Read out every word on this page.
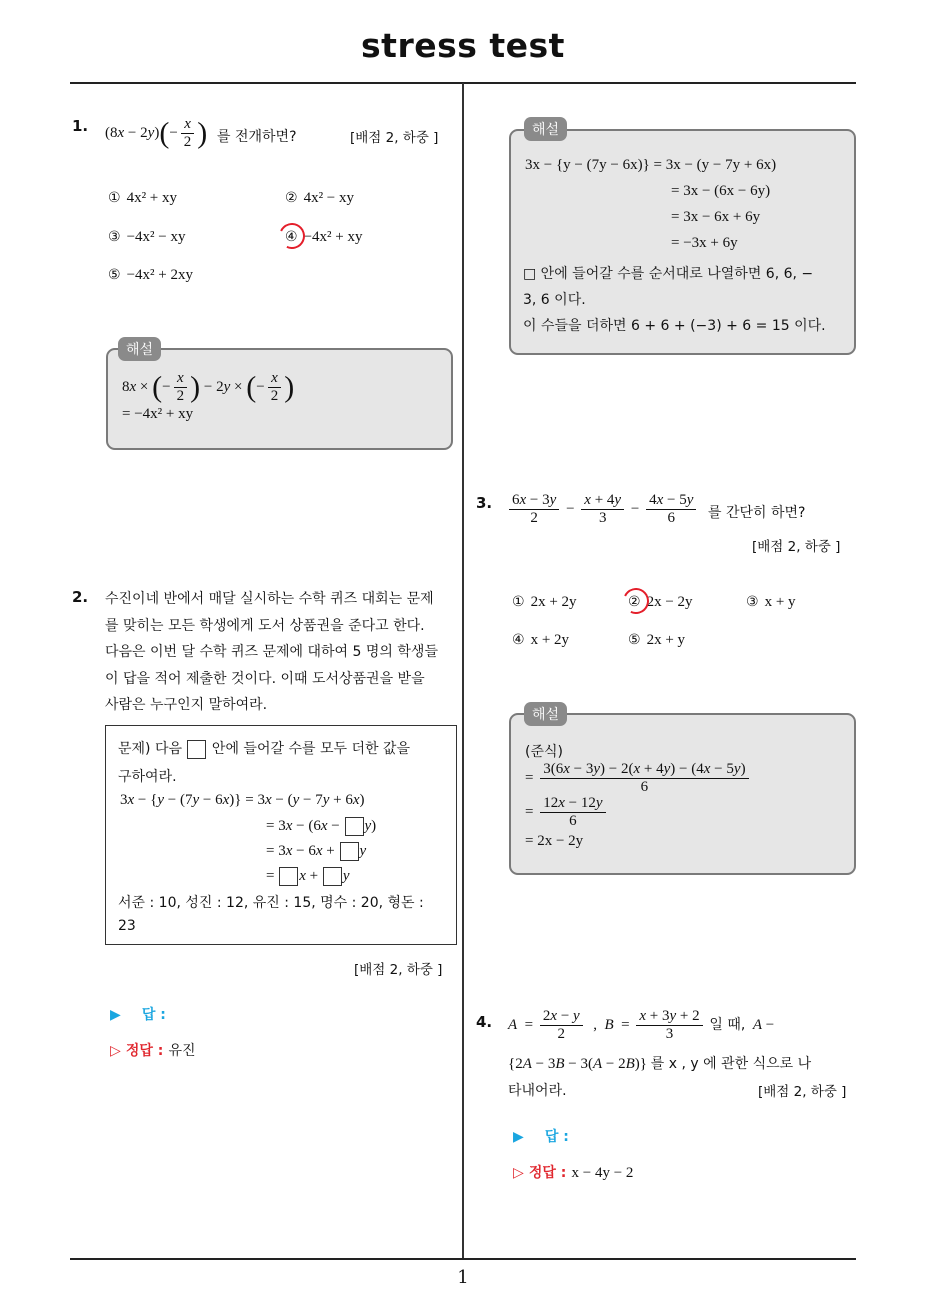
stress test
1. $(8x - 2y)(- \frac{x}{2}$ ) 를 전개하면?	[배점 2, 하중 ]
① 4x² + xy	② 4x² − xy
③ −4x² − xy	④ −4x² + xy
⑤ −4x² + 2xy
8x × (− $\frac{x}{2}$ ) − 2y × (− $\frac{x}{2}$ )
= −4x² + xy
해설
2. 수진이네 반에서 매달 실시하는 수학 퀴즈 대회는 문제
를 맞히는 모든 학생에게 도서 상품권을 준다고 한다.
다음은 이번 달 수학 퀴즈 문제에 대하여 5 명의 학생들
이 답을 적어 제출한 것이다. 이때 도서상품권을 받을
사람은 누구인지 말하여라.
문제) 다음 안에 들어갈 수를 모두 더한 값을
구하여라.
3x − {y − (7y − 6x)} = 3x − (y − 7y + 6x)
= 3x − (6x − y)
= 3x − 6x + y
= x + y
서준 : 10, 성진 : 12, 유진 : 15, 명수 : 20, 형돈 :
23
[배점 2, 하중 ]
▶ 답 :
▷ 정답 : 유진
3x − {y − (7y − 6x)} = 3x − (y − 7y + 6x)
= 3x − (6x − 6y)
= 3x − 6x + 6y
= −3x + 6y
□ 안에 들어갈 수를 순서대로 나열하면 6, 6, −
3, 6 이다.
이 수들을 더하면 6 + 6 + (−3) + 6 = 15 이다.
해설
3. $\frac{6x - 3y}{2} - \frac{x + 4y}{3} - \frac{4x - 5y}{6}$ 를 간단히 하면?
[배점 2, 하중 ]
① 2x + 2y	② 2x − 2y	③ x + y
④ x + 2y	⑤ 2x + y
(준식)
= $\frac{3(6x - 3y) - 2(x + 4y) - (4x - 5y)}{6}$
= $\frac{12x - 12y}{6}$
= 2x − 2y
해설
4. $A = \frac{2x - y}{2}$ ,  $B = \frac{x + 3y + 2}{3}$ 일 때, A −
{2A − 3B − 3(A − 2B)} 를 x , y 에 관한 식으로 나
타내어라.	[배점 2, 하중 ]
▶ 답 :
▷ 정답 : x − 4y − 2
1
